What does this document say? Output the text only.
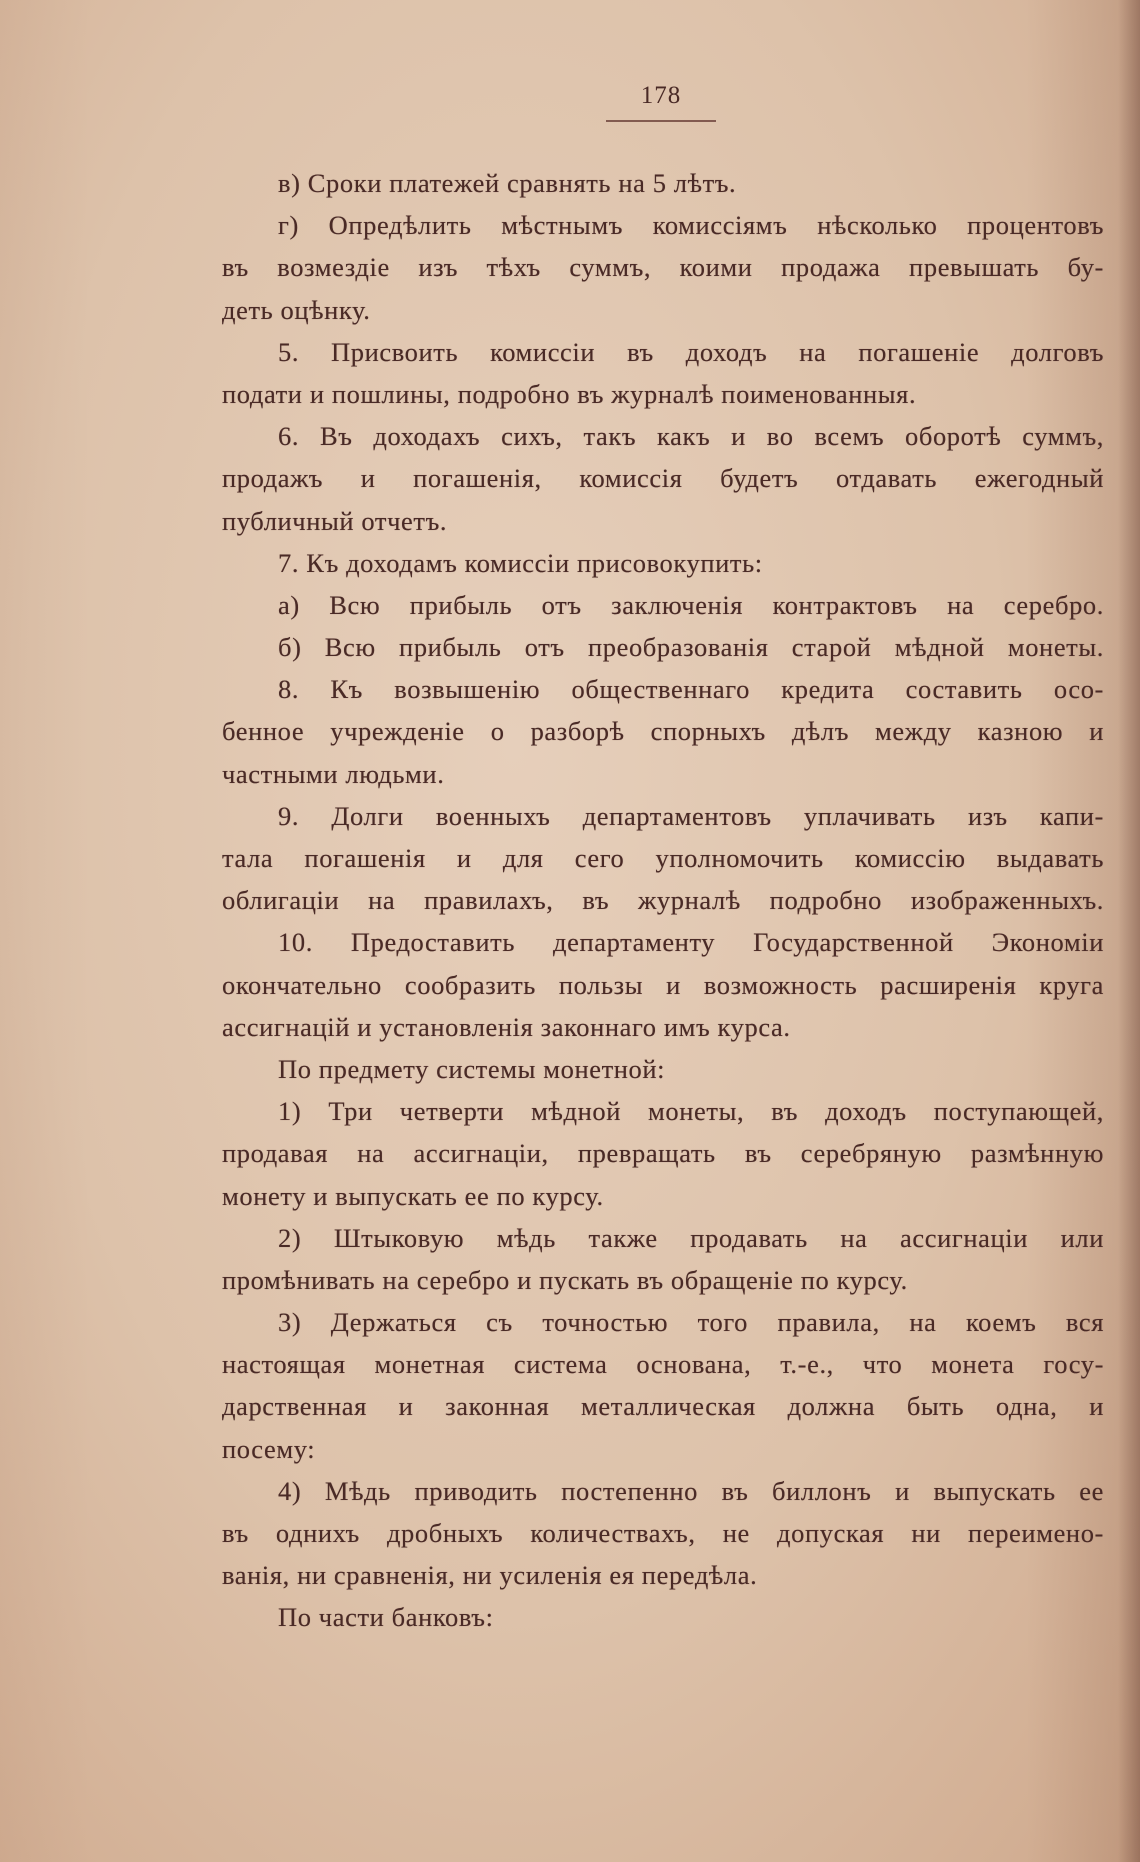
178
в) Сроки платежей сравнять на 5 лѣтъ.
г) Опредѣлить мѣстнымъ комиссiямъ нѣсколько процентовъ
въ возмездiе изъ тѣхъ суммъ, коими продажа превышать бу-
деть оцѣнку.
5. Присвоить комиссiи въ доходъ на погашенiе долговъ
подати и пошлины, подробно въ журналѣ поименованныя.
6. Въ доходахъ сихъ, такъ какъ и во всемъ оборотѣ суммъ,
продажъ и погашенiя, комиссiя будетъ отдавать ежегодный
публичный отчетъ.
7. Къ доходамъ комиссiи присовокупить:
а) Всю прибыль отъ заключенiя контрактовъ на серебро.
б) Всю прибыль отъ преобразованiя старой мѣдной монеты.
8. Къ возвышенiю общественнаго кредита составить осо-
бенное учрежденiе о разборѣ спорныхъ дѣлъ между казною и
частными людьми.
9. Долги военныхъ департаментовъ уплачивать изъ капи-
тала погашенiя и для сего уполномочить комиссiю выдавать
облигацiи на правилахъ, въ журналѣ подробно изображенныхъ.
10. Предоставить департаменту Государственной Экономiи
окончательно сообразить пользы и возможность расширенiя круга
ассигнацiй и установленiя законнаго имъ курса.
По предмету системы монетной:
1) Три четверти мѣдной монеты, въ доходъ поступающей,
продавая на ассигнацiи, превращать въ серебряную размѣнную
монету и выпускать ее по курсу.
2) Штыковую мѣдь также продавать на ассигнацiи или
промѣнивать на серебро и пускать въ обращенiе по курсу.
3) Держаться съ точностью того правила, на коемъ вся
настоящая монетная система основана, т.-е., что монета госу-
дарственная и законная металлическая должна быть одна, и
посему:
4) Мѣдь приводить постепенно въ биллонъ и выпускать ее
въ однихъ дробныхъ количествахъ, не допуская ни переименo-
ванiя, ни сравненiя, ни усиленiя ея передѣла.
По части банковъ:
